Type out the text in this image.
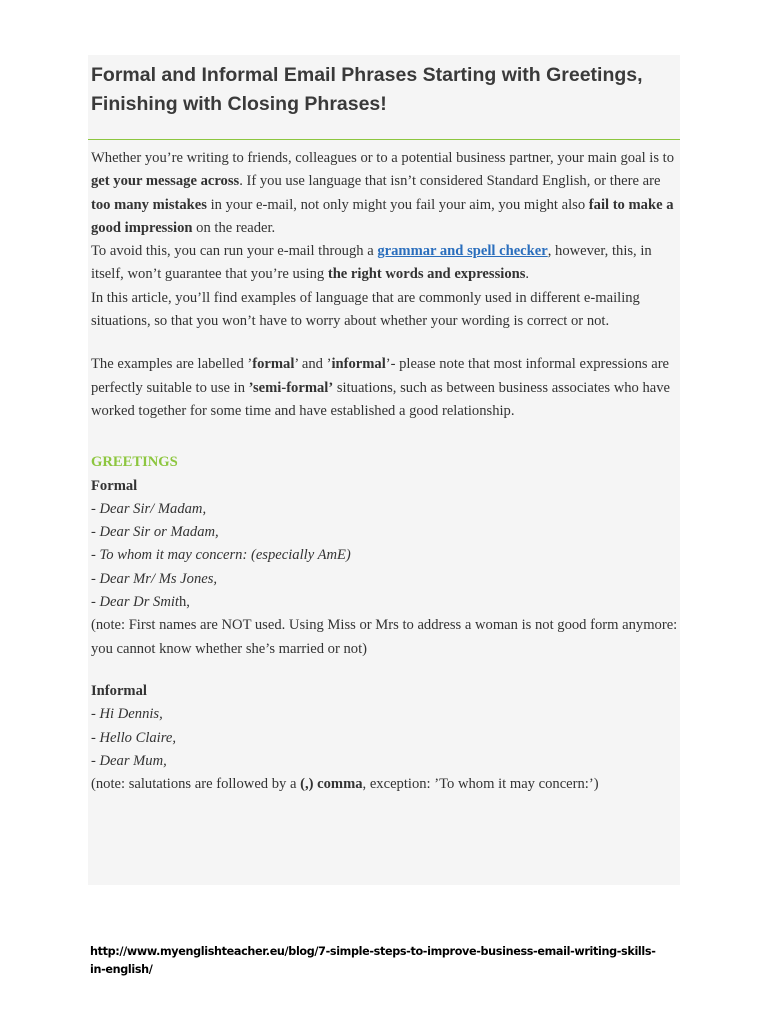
Formal and Informal Email Phrases Starting with Greetings, Finishing with Closing Phrases!

Whether you’re writing to friends, colleagues or to a potential business partner, your main goal is to get your message across. If you use language that isn’t considered Standard English, or there are too many mistakes in your e-mail, not only might you fail your aim, you might also fail to make a good impression on the reader.

To avoid this, you can run your e-mail through a grammar and spell checker, however, this, in itself, won’t guarantee that you’re using the right words and expressions.

In this article, you’ll find examples of language that are commonly used in different e-mailing situations, so that you won’t have to worry about whether your wording is correct or not.

The examples are labelled ’formal’ and ’informal’- please note that most informal expressions are perfectly suitable to use in ’semi-formal’ situations, such as between business associates who have worked together for some time and have established a good relationship.

GREETINGS

Formal

- Dear Sir/ Madam,

- Dear Sir or Madam,

- To whom it may concern: (especially AmE)

- Dear Mr/ Ms Jones,

- Dear Dr Smith,

(note: First names are NOT used. Using Miss or Mrs to address a woman is not good form anymore: you cannot know whether she’s married or not)

Informal

- Hi Dennis,

- Hello Claire,

- Dear Mum,

(note: salutations are followed by a (,) comma, exception: ’To whom it may concern:’)

http://www.myenglishteacher.eu/blog/7-simple-steps-to-improve-business-email-writing-skills-in-english/
